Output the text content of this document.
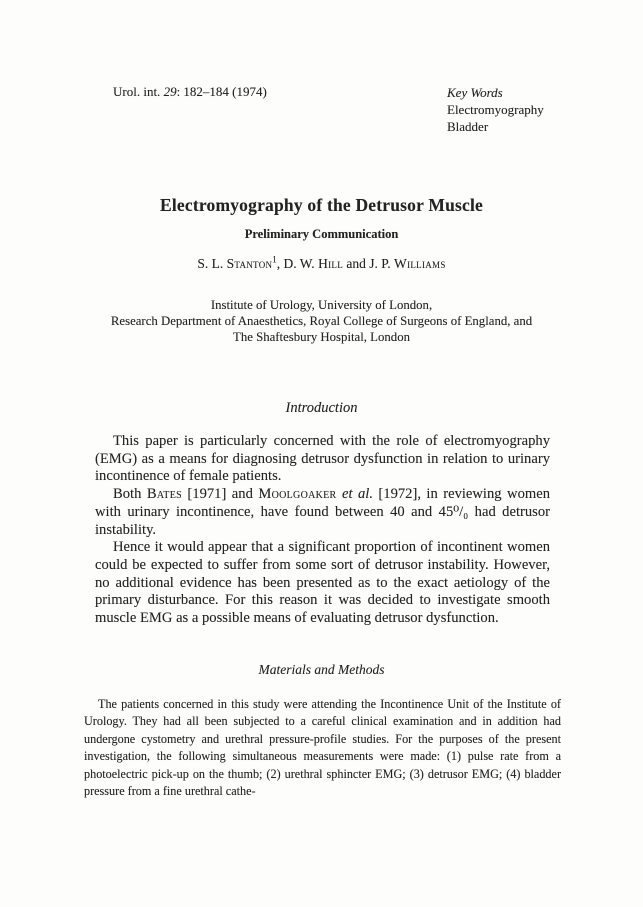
Urol. int. 29: 182–184 (1974)	Key Words
Electromyography
Bladder
Electromyography of the Detrusor Muscle
Preliminary Communication
S. L. Stanton$^1$, D. W. Hill and J. P. Williams
Institute of Urology, University of London,
Research Department of Anaesthetics, Royal College of Surgeons of England, and
The Shaftesbury Hospital, London
Introduction

This paper is particularly concerned with the role of electromyography (EMG) as a means for diagnosing detrusor dysfunction in relation to urinary incontinence of female patients.

Both Bates [1971] and Moolgoaker et al. [1972], in reviewing women with urinary incontinence, have found between 40 and 45⁰/₀ had detrusor instability.

Hence it would appear that a significant proportion of incontinent women could be expected to suffer from some sort of detrusor instability. However, no additional evidence has been presented as to the exact aetiology of the primary disturbance. For this reason it was decided to investigate smooth muscle EMG as a possible means of evaluating detrusor dysfunction.

Materials and Methods

The patients concerned in this study were attending the Incontinence Unit of the Institute of Urology. They had all been subjected to a careful clinical examination and in addition had undergone cystometry and urethral pressure-profile studies. For the purposes of the present investigation, the following simultaneous measurements were made: (1) pulse rate from a photoelectric pick-up on the thumb; (2) urethral sphincter EMG; (3) detrusor EMG; (4) bladder pressure from a fine urethral cathe-
